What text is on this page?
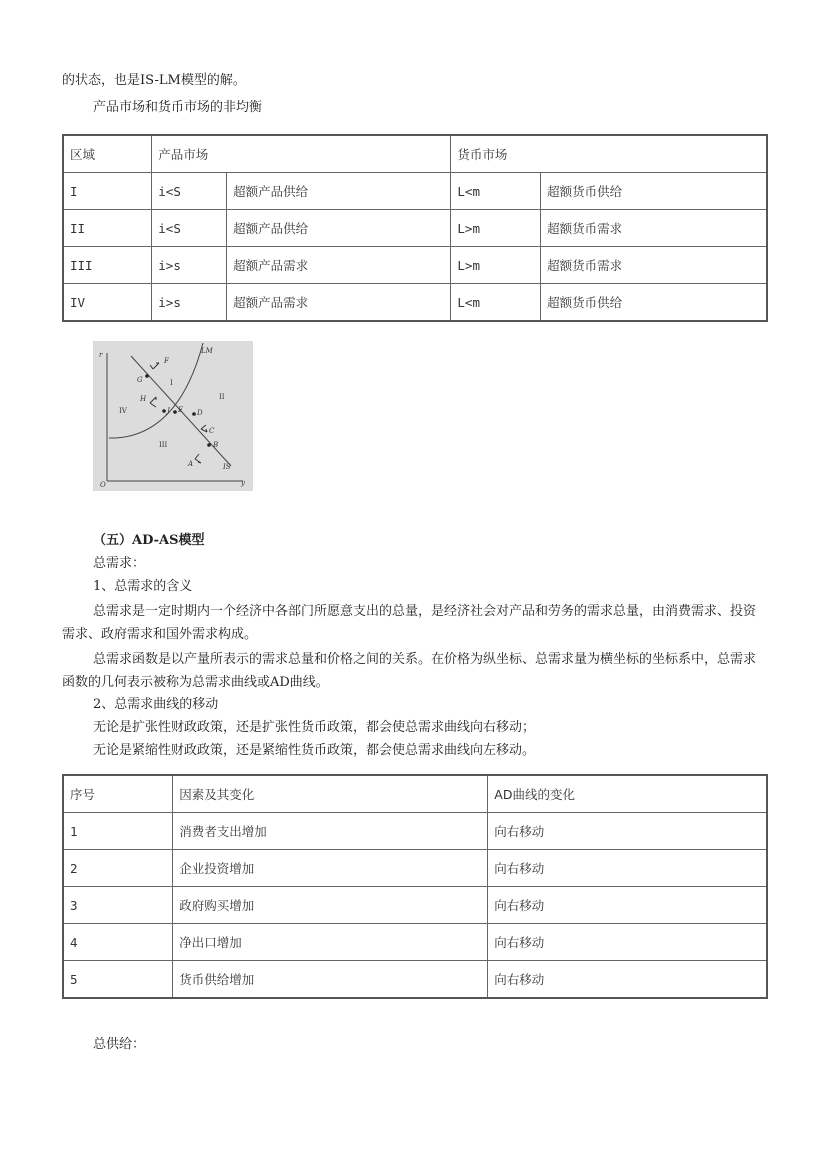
的状态，也是IS-LM模型的解。
产品市场和货币市场的非均衡
区域	产品市场		货币市场	
I	i<S	超额产品供给	L<m	超额货币供给
II	i<S	超额产品供给	L>m	超额货币需求
III	i>s	超额产品需求	L>m	超额货币需求
IV	i>s	超额产品需求	L<m	超额货币供给
r
y
O
LM
IS
F
G
H
J E D
C
B
A
I
II
III
IV
（五）AD-AS模型
总需求：
1、总需求的含义
总需求是一定时期内一个经济中各部门所愿意支出的总量，是经济社会对产品和劳务的需求总量，由消费需求、投资需求、政府需求和国外需求构成。
总需求函数是以产量所表示的需求总量和价格之间的关系。在价格为纵坐标、总需求量为横坐标的坐标系中，总需求函数的几何表示被称为总需求曲线或AD曲线。
2、总需求曲线的移动
无论是扩张性财政政策，还是扩张性货币政策，都会使总需求曲线向右移动；
无论是紧缩性财政政策，还是紧缩性货币政策，都会使总需求曲线向左移动。
序号	因素及其变化	AD曲线的变化
1	消费者支出增加	向右移动
2	企业投资增加	向右移动
3	政府购买增加	向右移动
4	净出口增加	向右移动
5	货币供给增加	向右移动
总供给：
